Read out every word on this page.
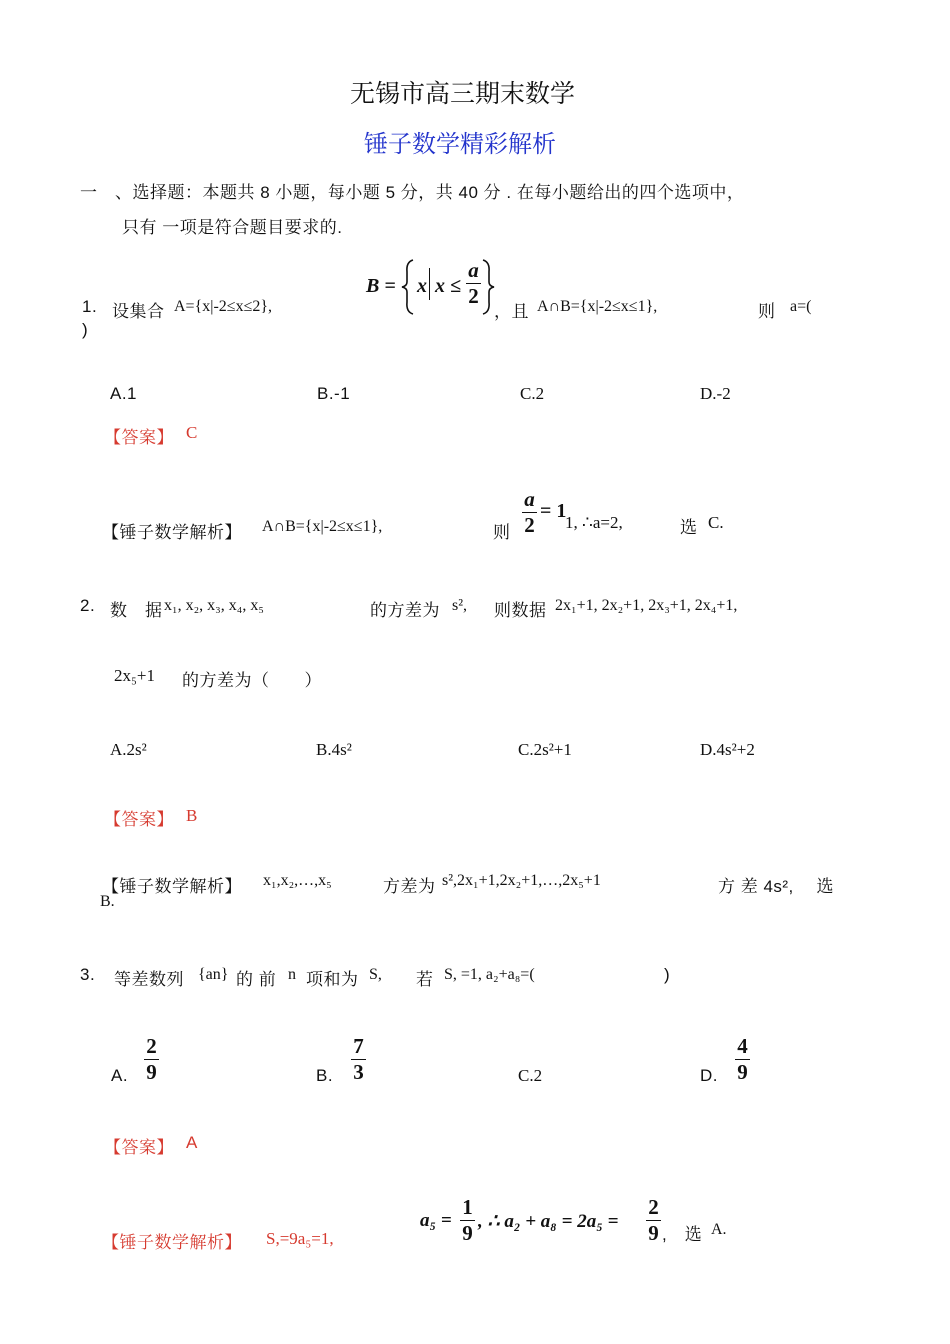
无锡市高三期末数学
锤子数学精彩解析
一　、选择题：本题共 8 小题，每小题 5 分，共 40 分 . 在每小题给出的四个选项中，
只有 一项是符合题目要求的.
1. 设集合 A={x|-2≤x≤2},
B = x x ≤
a
2
，且 A∩B={x|-2≤x≤1},	则 a=(
)
A.1	B.-1	C.2	D.-2
【答案】 C
【锤子数学解析】 A∩B={x|-2≤x≤1},	则
a
2
= 1
1, ∴a=2,	选 C.
2. 数　据 x₁, x₂, x₃, x₄, x₅	的方差为 s², 则数据 2x₁+1, 2x₂+1, 2x₃+1, 2x₄+1,
2x₅+1 的方差为（　　）
A.2s²	B.4s²	C.2s²+1	D.4s²+2
【答案】 B
【锤子数学解析】 x₁,x₂,…,x₅	方差为 s²,2x₁+1,2x₂+1,…,2x₅+1	方 差 4s²,　 选
B.
3. 等差数列 {an} 的 前 n 项和为 S, 若 S, =1, a₂+a₈=(	)
A.
2
9	B.
7
3	C.2	D.
4
9
【答案】 A
【锤子数学解析】 S,=9a₅=1,
a₅ =
1
9 , ∴ a₂ + a₈ = 2a₅ =
2
9 ,　选 A.
